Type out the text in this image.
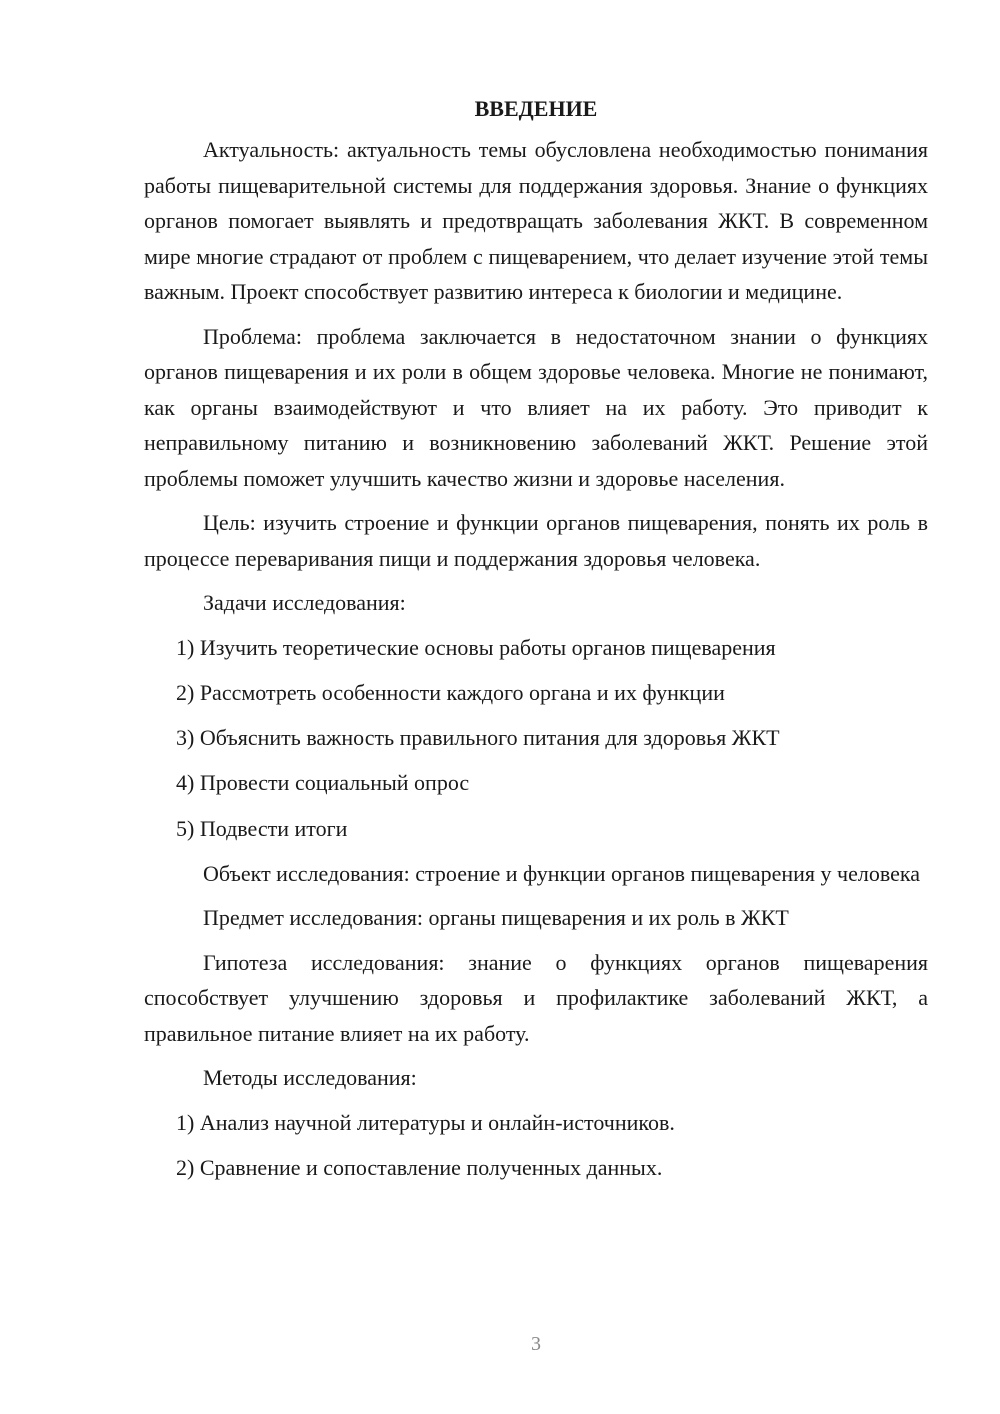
ВВЕДЕНИЕ

Актуальность: актуальность темы обусловлена необходимостью понимания работы пищеварительной системы для поддержания здоровья. Знание о функциях органов помогает выявлять и предотвращать заболевания ЖКТ. В современном мире многие страдают от проблем с пищеварением, что делает изучение этой темы важным. Проект способствует развитию интереса к биологии и медицине.

Проблема: проблема заключается в недостаточном знании о функциях органов пищеварения и их роли в общем здоровье человека. Многие не понимают, как органы взаимодействуют и что влияет на их работу. Это приводит к неправильному питанию и возникновению заболеваний ЖКТ. Решение этой проблемы поможет улучшить качество жизни и здоровье населения.

Цель: изучить строение и функции органов пищеварения, понять их роль в процессе переваривания пищи и поддержания здоровья человека.

Задачи исследования:

1) Изучить теоретические основы работы органов пищеварения
2) Рассмотреть особенности каждого органа и их функции
3) Объяснить важность правильного питания для здоровья ЖКТ
4) Провести социальный опрос
5) Подвести итоги

Объект исследования: строение и функции органов пищеварения у человека

Предмет исследования: органы пищеварения и их роль в ЖКТ

Гипотеза исследования: знание о функциях органов пищеварения способствует улучшению здоровья и профилактике заболеваний ЖКТ, а правильное питание влияет на их работу.

Методы исследования:

1) Анализ научной литературы и онлайн-источников.
2) Сравнение и сопоставление полученных данных.
3
